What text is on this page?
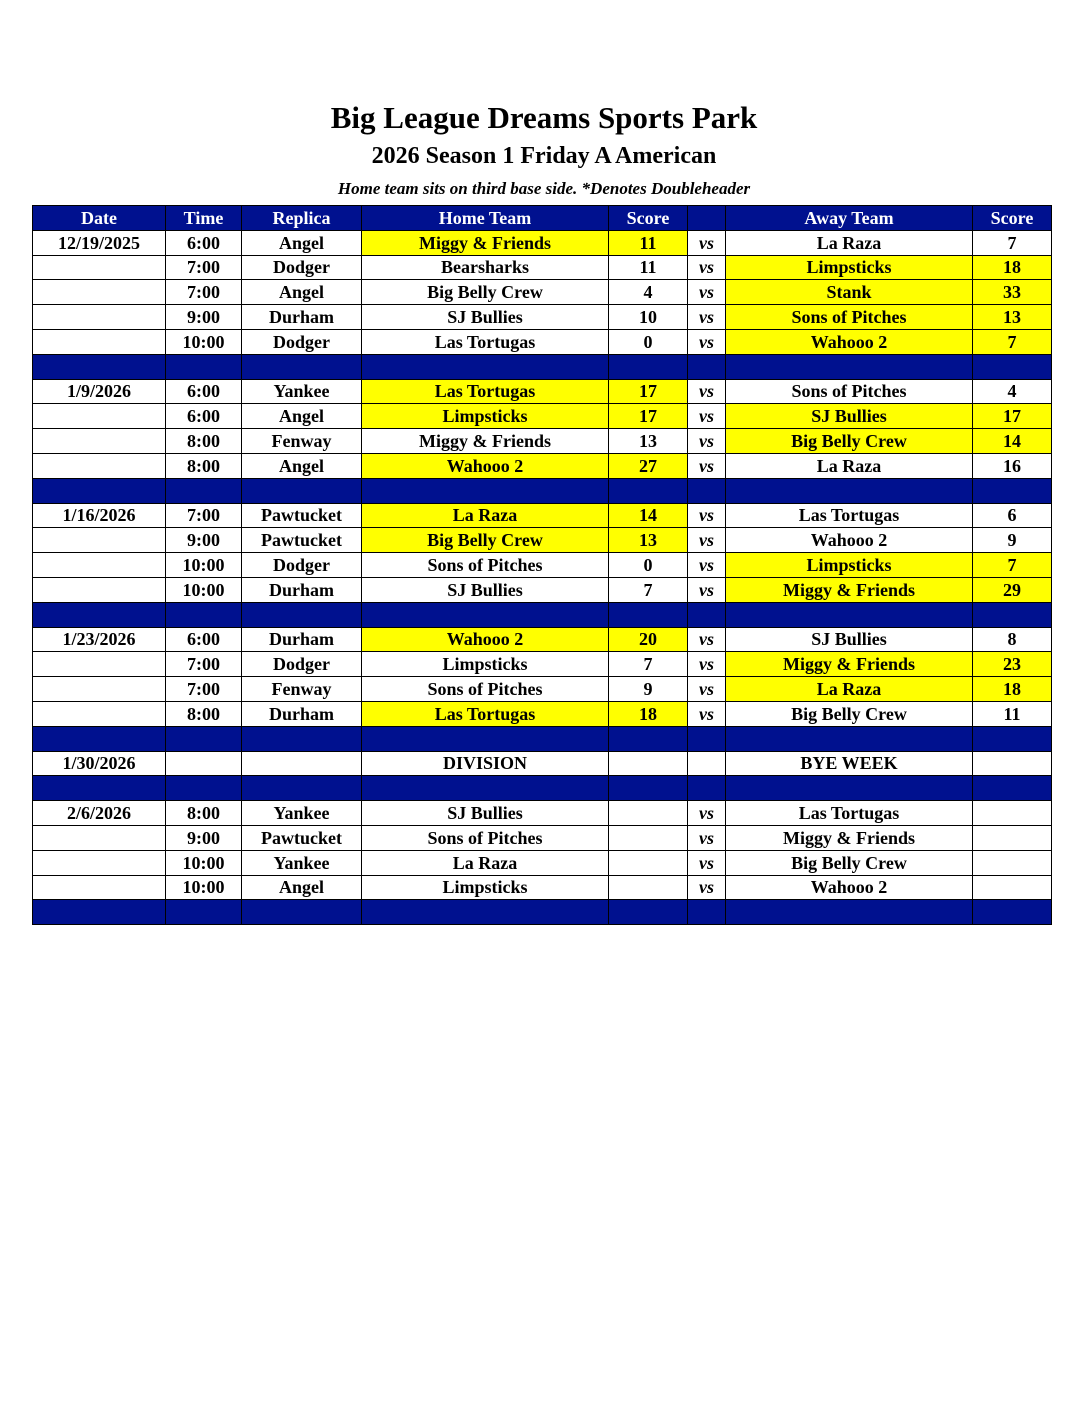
Big League Dreams Sports Park
2026 Season 1 Friday A American
Home team sits on third base side. *Denotes Doubleheader
Date	Time	Replica	Home Team	Score		Away Team	Score
12/19/2025	6:00	Angel	Miggy & Friends	11	vs	La Raza	7
	7:00	Dodger	Bearsharks	11	vs	Limpsticks	18
	7:00	Angel	Big Belly Crew	4	vs	Stank	33
	9:00	Durham	SJ Bullies	10	vs	Sons of Pitches	13
	10:00	Dodger	Las Tortugas	0	vs	Wahooo 2	7

1/9/2026	6:00	Yankee	Las Tortugas	17	vs	Sons of Pitches	4
	6:00	Angel	Limpsticks	17	vs	SJ Bullies	17
	8:00	Fenway	Miggy & Friends	13	vs	Big Belly Crew	14
	8:00	Angel	Wahooo 2	27	vs	La Raza	16

1/16/2026	7:00	Pawtucket	La Raza	14	vs	Las Tortugas	6
	9:00	Pawtucket	Big Belly Crew	13	vs	Wahooo 2	9
	10:00	Dodger	Sons of Pitches	0	vs	Limpsticks	7
	10:00	Durham	SJ Bullies	7	vs	Miggy & Friends	29

1/23/2026	6:00	Durham	Wahooo 2	20	vs	SJ Bullies	8
	7:00	Dodger	Limpsticks	7	vs	Miggy & Friends	23
	7:00	Fenway	Sons of Pitches	9	vs	La Raza	18
	8:00	Durham	Las Tortugas	18	vs	Big Belly Crew	11

1/30/2026			DIVISION			BYE WEEK	

2/6/2026	8:00	Yankee	SJ Bullies		vs	Las Tortugas	
	9:00	Pawtucket	Sons of Pitches		vs	Miggy & Friends	
	10:00	Yankee	La Raza		vs	Big Belly Crew	
	10:00	Angel	Limpsticks		vs	Wahooo 2	
